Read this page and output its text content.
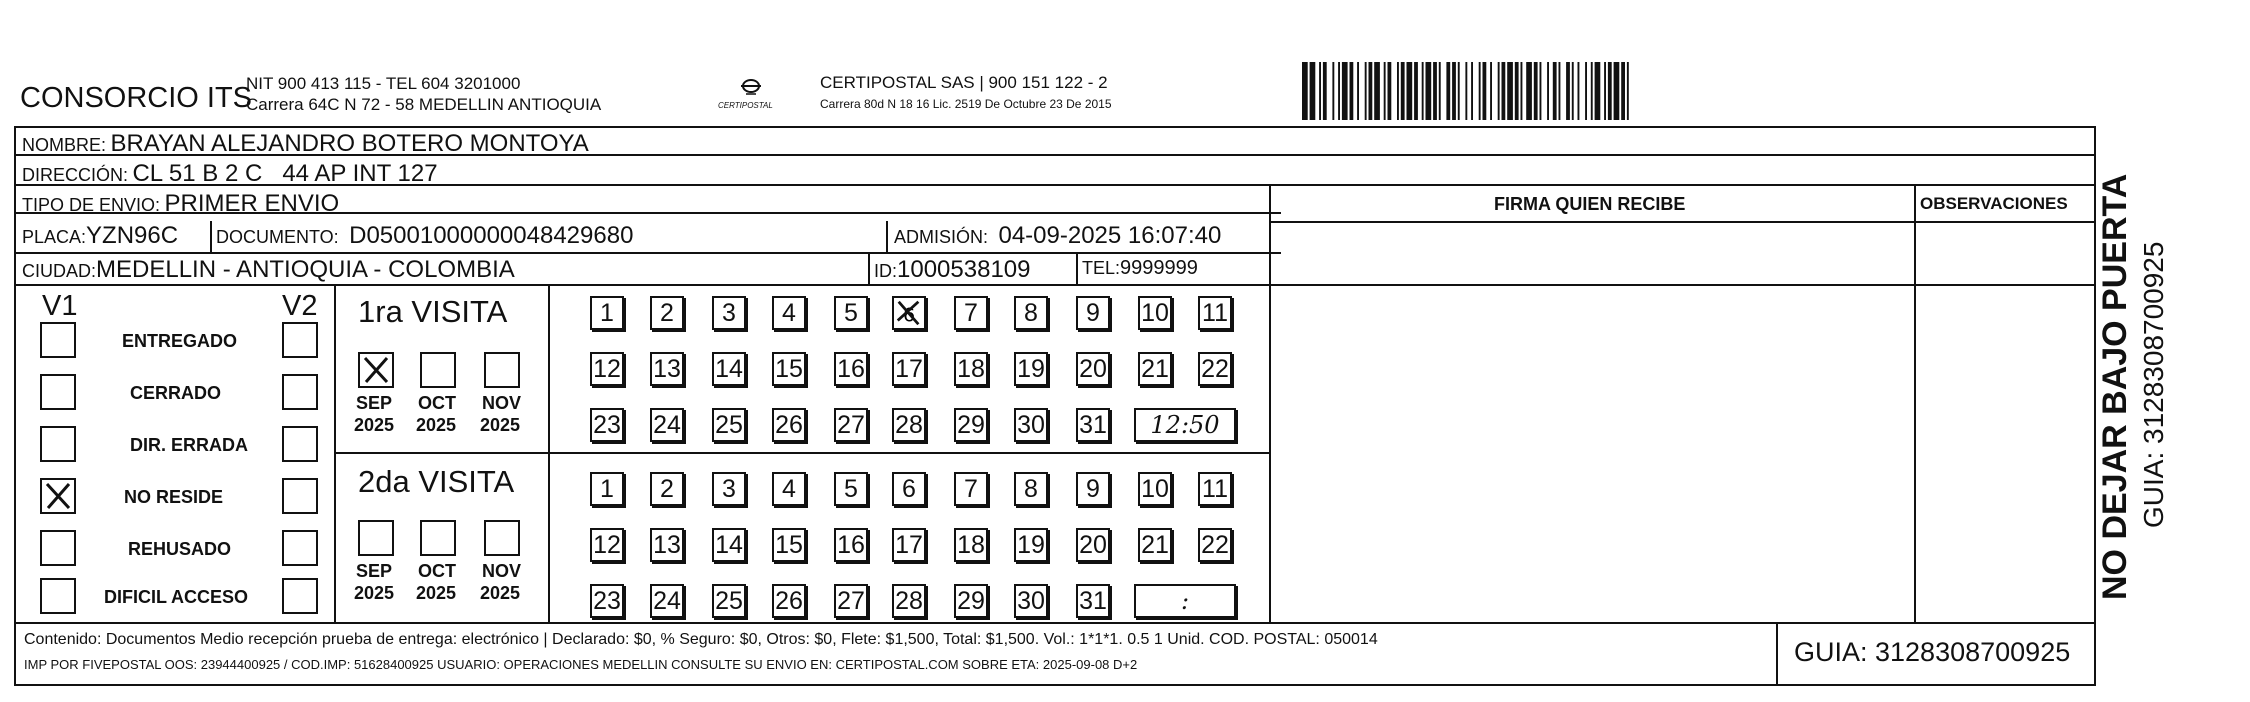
CONSORCIO ITS
NIT 900 413 115 - TEL 604 3201000
Carrera 64C N 72 - 58 MEDELLIN ANTIOQUIA	CERTIPOSTAL
CERTIPOSTAL SAS | 900 151 122 - 2
Carrera 80d N 18 16 Lic. 2519 De Octubre 23 De 2015
NOMBRE: BRAYAN ALEJANDRO BOTERO MONTOYA
DIRECCIÓN: CL 51 B 2 C   44 AP INT 127
TIPO DE ENVIO: PRIMER ENVIO	FIRMA QUIEN RECIBE	OBSERVACIONES
PLACA:YZN96C DOCUMENTO: D05001000000048429680	ADMISIÓN: 04-09-2025 16:07:40
CIUDAD:MEDELLIN - ANTIOQUIA - COLOMBIA	ID:1000538109	TEL:9999999
V1	V2 1ra VISITA
2da VISITA
Contenido: Documentos Medio recepción prueba de entrega: electrónico | Declarado: $0, % Seguro: $0, Otros: $0, Flete: $1,500, Total: $1,500. Vol.: 1*1*1. 0.5 1 Unid. COD. POSTAL: 050014
IMP POR FIVEPOSTAL OOS: 23944400925 / COD.IMP: 51628400925 USUARIO: OPERACIONES MEDELLIN CONSULTE SU ENVIO EN: CERTIPOSTAL.COM SOBRE ETA: 2025-09-08 D+2	GUIA: 3128308700925
NO DEJAR BAJO PUERTA GUIA: 3128308700925
ENTREGADO
CERRADO
DIR. ERRADA
NO RESIDE
REHUSADO
DIFICIL ACCESO
SEP
2025
OCT
2025
NOV
2025
SEP
2025
OCT
2025
NOV
2025
1	2	3	4	5	6	7	8	9	10 11
12 13 14 15 16 17 18 19 20 21 22
23 24 25 26 27 28 29 30 31	12:50
1	2	3	4	5	6	7	8	9	10 11
12 13 14 15 16 17 18 19 20 21 22
23 24 25 26 27 28 29 30 31	:
